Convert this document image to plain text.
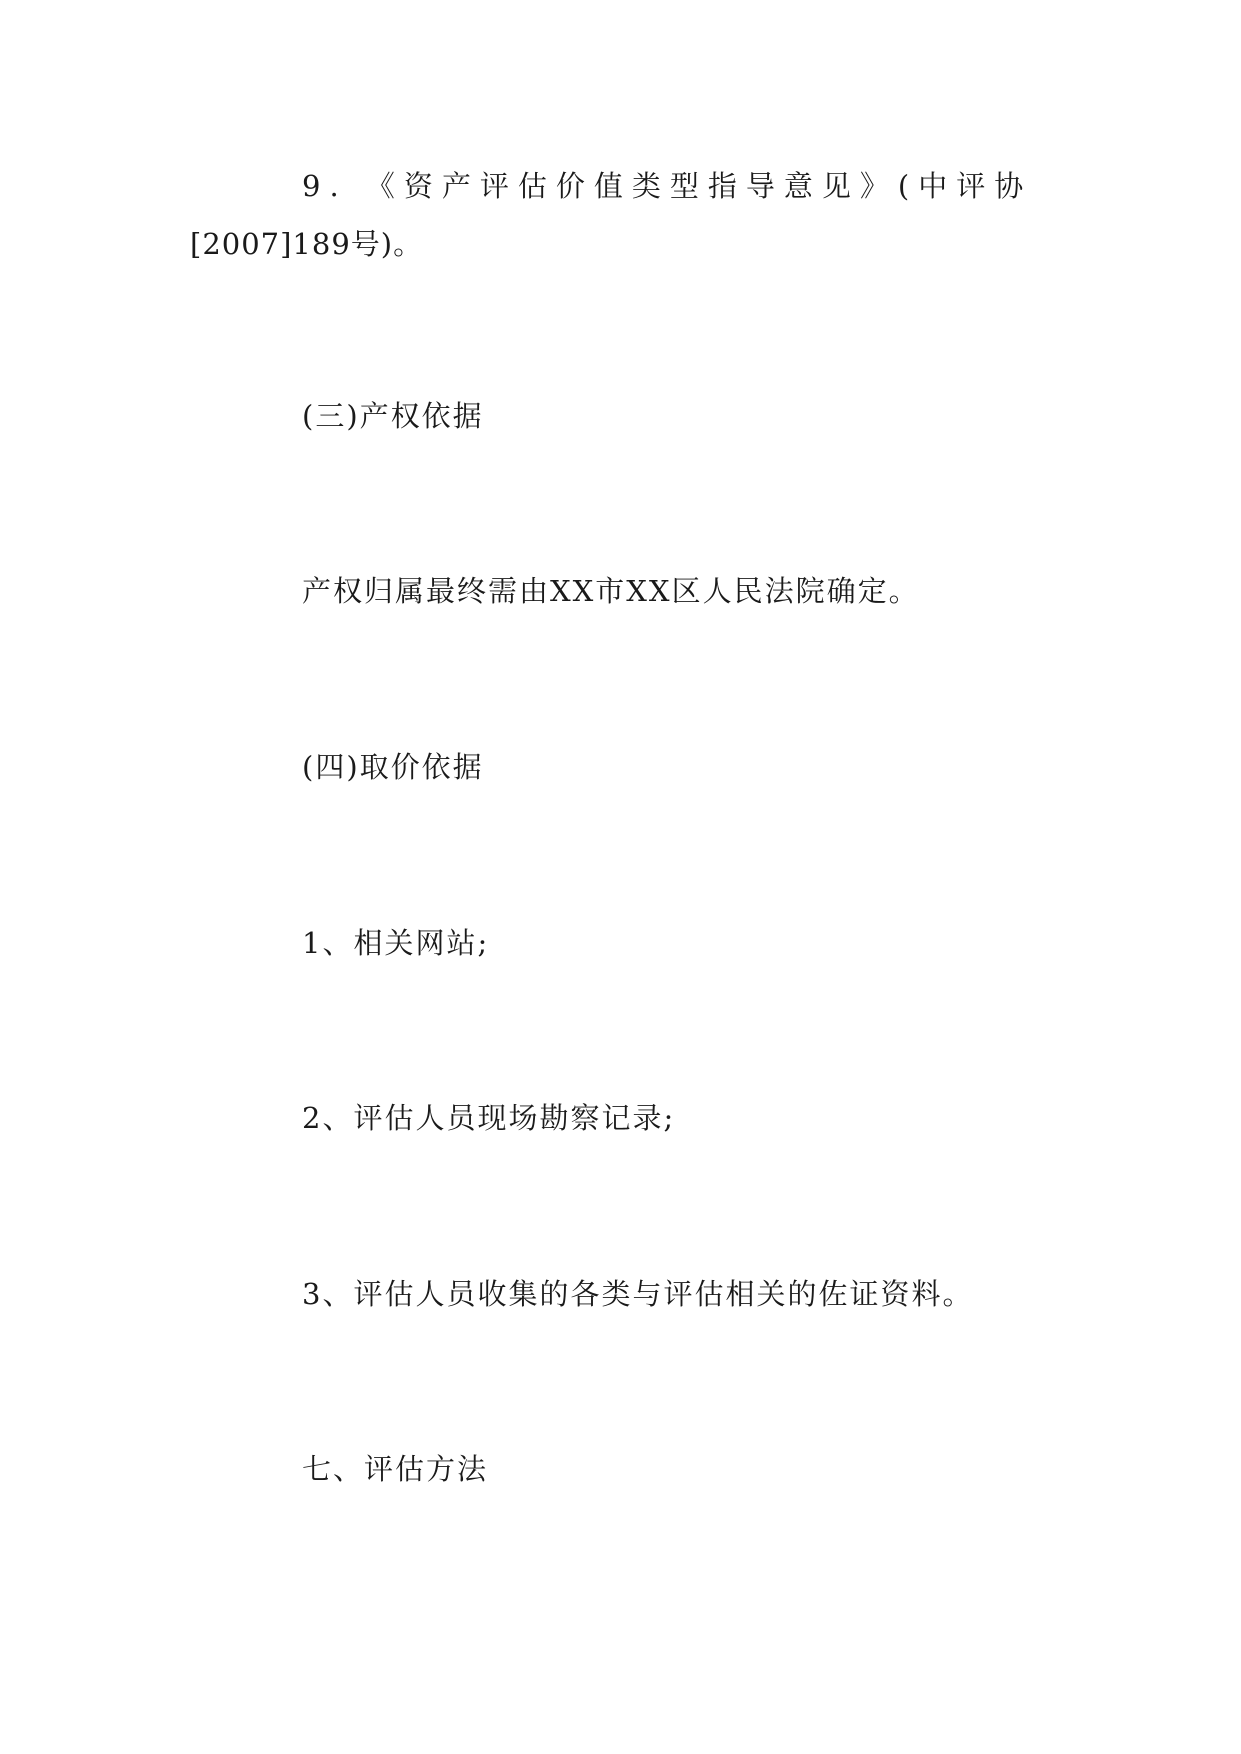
9. 《资产评估价值类型指导意见》(中评协
[2007]189号)。
(三)产权依据
产权归属最终需由XX市XX区人民法院确定。
(四)取价依据
1、相关网站;
2、评估人员现场勘察记录;
3、评估人员收集的各类与评估相关的佐证资料。
七、评估方法
